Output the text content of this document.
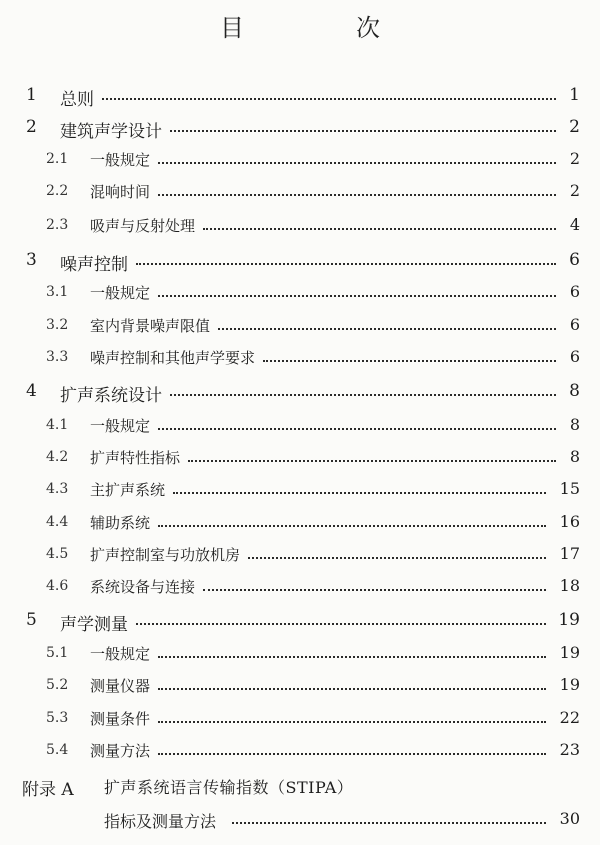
目　次
1 总则	1
2 建筑声学设计	2
2.1 一般规定	2
2.2 混响时间	2
2.3 吸声与反射处理	4
3 噪声控制	6
3.1 一般规定	6
3.2 室内背景噪声限值	6
3.3 噪声控制和其他声学要求	6
4 扩声系统设计	8
4.1 一般规定	8
4.2 扩声特性指标	8
4.3 主扩声系统	15
4.4 辅助系统	16
4.5 扩声控制室与功放机房	17
4.6 系统设备与连接	18
5 声学测量	19
5.1 一般规定	19
5.2 测量仪器	19
5.3 测量条件	22
5.4 测量方法	23
附录 A 扩声系统语言传输指数（STIPA）
指标及测量方法	30
